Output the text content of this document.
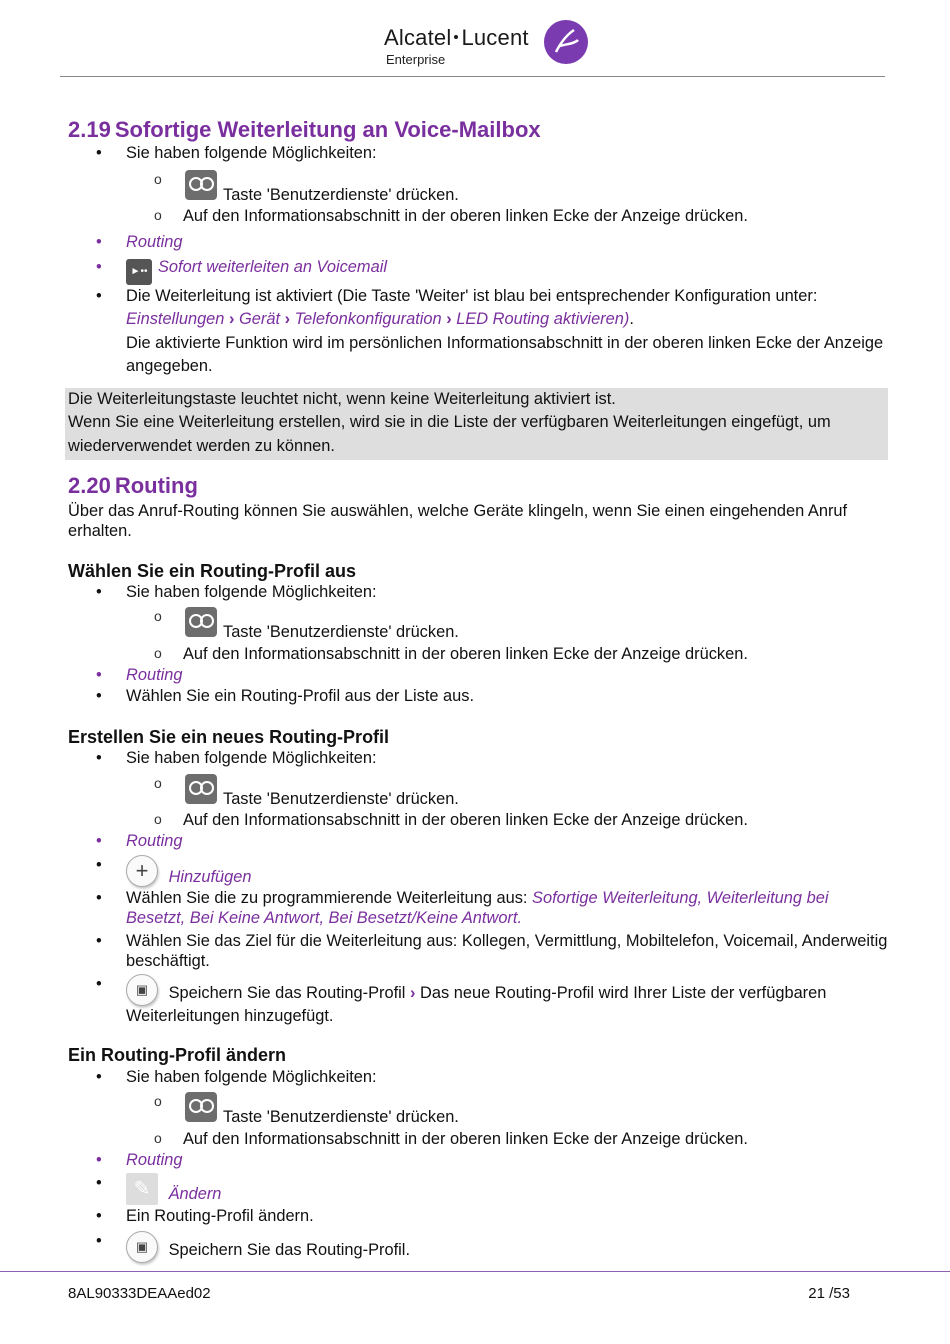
Alcatel Lucent
Enterprise
2.19 Sofortige Weiterleitung an Voice-Mailbox
• Sie haben folgende Möglichkeiten:
o Taste 'Benutzerdienste' drücken.
o Auf den Informationsabschnitt in der oberen linken Ecke der Anzeige drücken.
• Routing
• ►•• Sofort weiterleiten an Voicemail
• Die Weiterleitung ist aktiviert (Die Taste 'Weiter' ist blau bei entsprechender Konfiguration unter:
Einstellungen › Gerät › Telefonkonfiguration › LED Routing aktivieren).
Die aktivierte Funktion wird im persönlichen Informationsabschnitt in der oberen linken Ecke der Anzeige angegeben.
Die Weiterleitungstaste leuchtet nicht, wenn keine Weiterleitung aktiviert ist.
Wenn Sie eine Weiterleitung erstellen, wird sie in die Liste der verfügbaren Weiterleitungen eingefügt, um wiederverwendet werden zu können.
2.20 Routing

Über das Anruf-Routing können Sie auswählen, welche Geräte klingeln, wenn Sie einen eingehenden Anruf erhalten.

Wählen Sie ein Routing-Profil aus
• Sie haben folgende Möglichkeiten:
o Taste 'Benutzerdienste' drücken.
o Auf den Informationsabschnitt in der oberen linken Ecke der Anzeige drücken.
• Routing
• Wählen Sie ein Routing-Profil aus der Liste aus.
Erstellen Sie ein neues Routing-Profil
• Sie haben folgende Möglichkeiten:
o Taste 'Benutzerdienste' drücken.
o Auf den Informationsabschnitt in der oberen linken Ecke der Anzeige drücken.
• Routing
• + Hinzufügen
• Wählen Sie die zu programmierende Weiterleitung aus: Sofortige Weiterleitung, Weiterleitung bei Besetzt, Bei Keine Antwort, Bei Besetzt/Keine Antwort.
• Wählen Sie das Ziel für die Weiterleitung aus: Kollegen, Vermittlung, Mobiltelefon, Voicemail, Anderweitig beschäftigt.
• ▣ Speichern Sie das Routing-Profil › Das neue Routing-Profil wird Ihrer Liste der verfügbaren Weiterleitungen hinzugefügt.
Ein Routing-Profil ändern
• Sie haben folgende Möglichkeiten:
o Taste 'Benutzerdienste' drücken.
o Auf den Informationsabschnitt in der oberen linken Ecke der Anzeige drücken.
• Routing
• ✎ Ändern
• Ein Routing-Profil ändern.
• ▣ Speichern Sie das Routing-Profil.
8AL90333DEAAed02	21 /53
